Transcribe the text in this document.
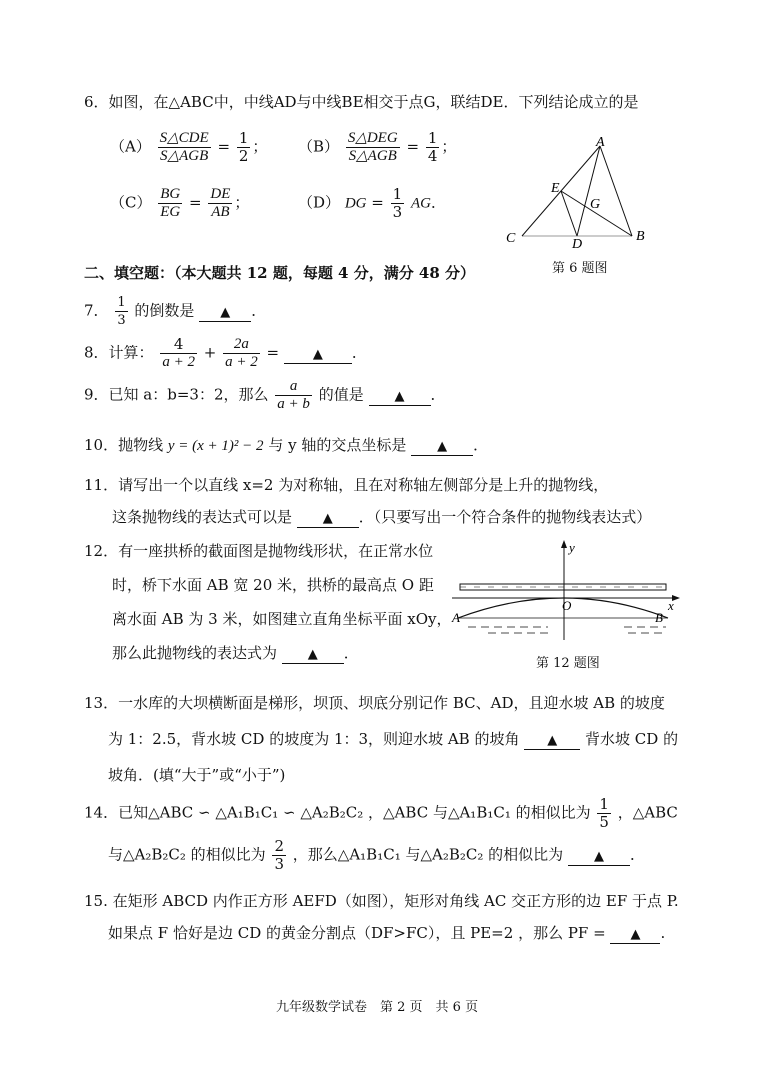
6．如图，在△ABC中，中线AD与中线BE相交于点G，联结DE．下列结论成立的是
$(A) \frac{\text{S△CDE}}{\text{S△AGB}} = \frac{1}{2}$ ； $(B) \frac{\text{S△DEG}}{\text{S△AGB}} = \frac{1}{4}$ ；
$(C) \frac{BG}{EG} = \frac{DE}{AB}$ ；	（D） DG = $\frac{1}{3}$ AG．
A
E
G
C	D
B
第 6 题图
二、填空题：（本大题共 12 题，每题 4 分，满分 48 分）
7． $\frac{1}{3}$ 的倒数是 ▲ ．
8．计算： $\frac{4}{a + 2} + \frac{2a}{a + 2}$ =	▲ ．
9．已知 a：b=3：2，那么 $\frac{a}{a + b}$ 的值是 ▲ ．
10．抛物线 y = (x + 1)² − 2 与 y 轴的交点坐标是 ▲ ．
11．请写出一个以直线 x=2 为对称轴，且在对称轴左侧部分是上升的抛物线，
这条抛物线的表达式可以是 ▲ ．（只要写出一个符合条件的抛物线表达式）
12．有一座拱桥的截面图是抛物线形状，在正常水位
时，桥下水面 AB 宽 20 米，拱桥的最高点 O 距
离水面 AB 为 3 米，如图建立直角坐标平面 xOy，
那么此抛物线的表达式为 ▲ ．
y
x
O
A	B
第 12 题图
13．一水库的大坝横断面是梯形，坝顶、坝底分别记作 BC、AD，且迎水坡 AB 的坡度
为 1：2.5，背水坡 CD 的坡度为 1：3，则迎水坡 AB 的坡角 ▲ 背水坡 CD 的
坡角．(填“大于”或“小于”)
14．已知△ABC ∽ △A₁B₁C₁ ∽ △A₂B₂C₂ ，△ABC 与△A₁B₁C₁ 的相似比为 $\frac{1}{5}$ ，△ABC
与△A₂B₂C₂ 的相似比为 $\frac{2}{3}$ ，那么△A₁B₁C₁ 与△A₂B₂C₂ 的相似比为 ▲ ．
15. 在矩形 ABCD 内作正方形 AEFD（如图），矩形对角线 AC 交正方形的边 EF 于点 P.
如果点 F 恰好是边 CD 的黄金分割点（DF>FC），且 PE=2 ，那么 PF = ▲ .
九年级数学试卷　第 2 页　共 6 页
